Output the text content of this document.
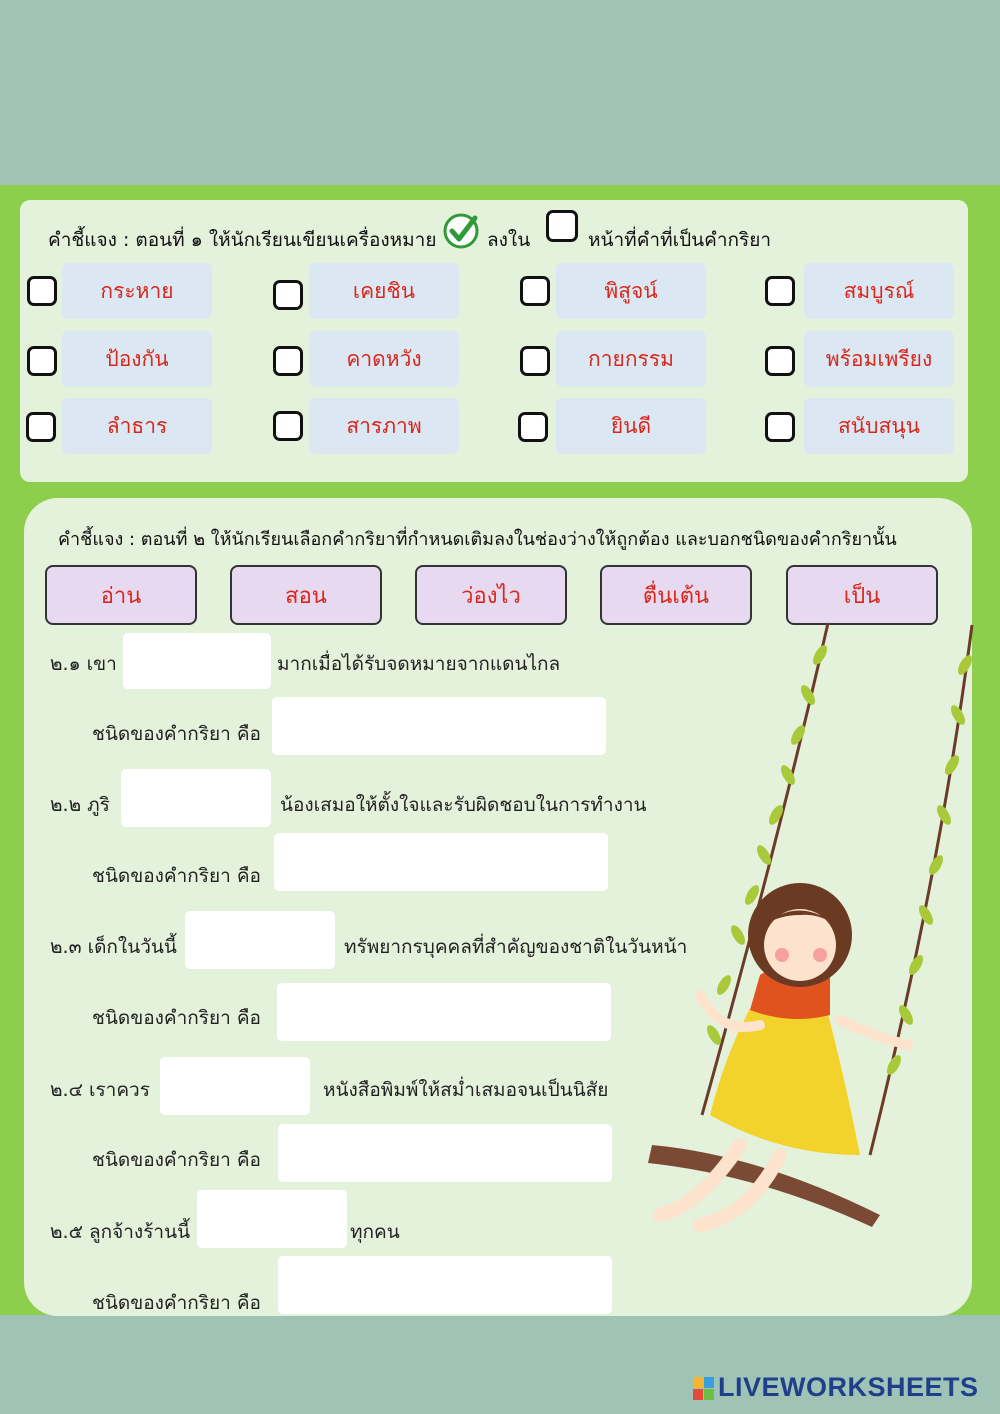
คำชี้แจง : ตอนที่ ๑ ให้นักเรียนเขียนเครื่องหมาย	ลงใน	หน้าที่คำที่เป็นคำกริยา
กระหาย	เคยชิน	พิสูจน์	สมบูรณ์
ป้องกัน	คาดหวัง	กายกรรม	พร้อมเพรียง
ลำธาร	สารภาพ	ยินดี	สนับสนุน
คำชี้แจง : ตอนที่ ๒ ให้นักเรียนเลือกคำกริยาที่กำหนดเติมลงในช่องว่างให้ถูกต้อง และบอกชนิดของคำกริยานั้น
อ่าน	สอน	ว่องไว	ตื่นเต้น	เป็น
๒.๑ เขา	มากเมื่อได้รับจดหมายจากแดนไกล
ชนิดของคำกริยา คือ
๒.๒ ภูริ	น้องเสมอให้ตั้งใจและรับผิดชอบในการทำงาน
ชนิดของคำกริยา คือ
๒.๓ เด็กในวันนี้	ทรัพยากรบุคคลที่สำคัญของชาติในวันหน้า
ชนิดของคำกริยา คือ
๒.๔ เราควร	หนังสือพิมพ์ให้สม่ำเสมอจนเป็นนิสัย
ชนิดของคำกริยา คือ
๒.๕ ลูกจ้างร้านนี้	ทุกคน
ชนิดของคำกริยา คือ
LIVEWORKSHEETS
